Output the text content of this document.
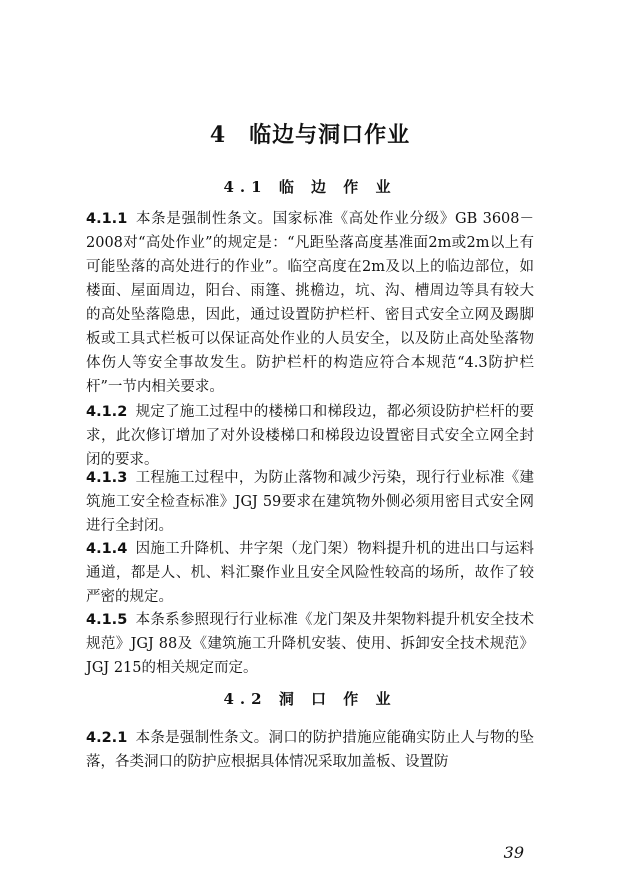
4　临边与洞口作业
4.1 临 边 作 业
4.1.1 本条是强制性条文。国家标准《高处作业分级》GB 3608－2008对“高处作业”的规定是：“凡距坠落高度基准面2m或2m以上有可能坠落的高处进行的作业”。临空高度在2m及以上的临边部位，如楼面、屋面周边，阳台、雨篷、挑檐边，坑、沟、槽周边等具有较大的高处坠落隐患，因此，通过设置防护栏杆、密目式安全立网及踢脚板或工具式栏板可以保证高处作业的人员安全，以及防止高处坠落物体伤人等安全事故发生。防护栏杆的构造应符合本规范“4.3防护栏杆”一节内相关要求。
4.1.2 规定了施工过程中的楼梯口和梯段边，都必须设防护栏杆的要求，此次修订增加了对外设楼梯口和梯段边设置密目式安全立网全封闭的要求。
4.1.3 工程施工过程中，为防止落物和减少污染，现行行业标准《建筑施工安全检查标准》JGJ 59要求在建筑物外侧必须用密目式安全网进行全封闭。
4.1.4 因施工升降机、井字架（龙门架）物料提升机的进出口与运料通道，都是人、机、料汇聚作业且安全风险性较高的场所，故作了较严密的规定。
4.1.5 本条系参照现行行业标准《龙门架及井架物料提升机安全技术规范》JGJ 88及《建筑施工升降机安装、使用、拆卸安全技术规范》JGJ 215的相关规定而定。
4.2 洞 口 作 业
4.2.1 本条是强制性条文。洞口的防护措施应能确实防止人与物的坠落，各类洞口的防护应根据具体情况采取加盖板、设置防
39
